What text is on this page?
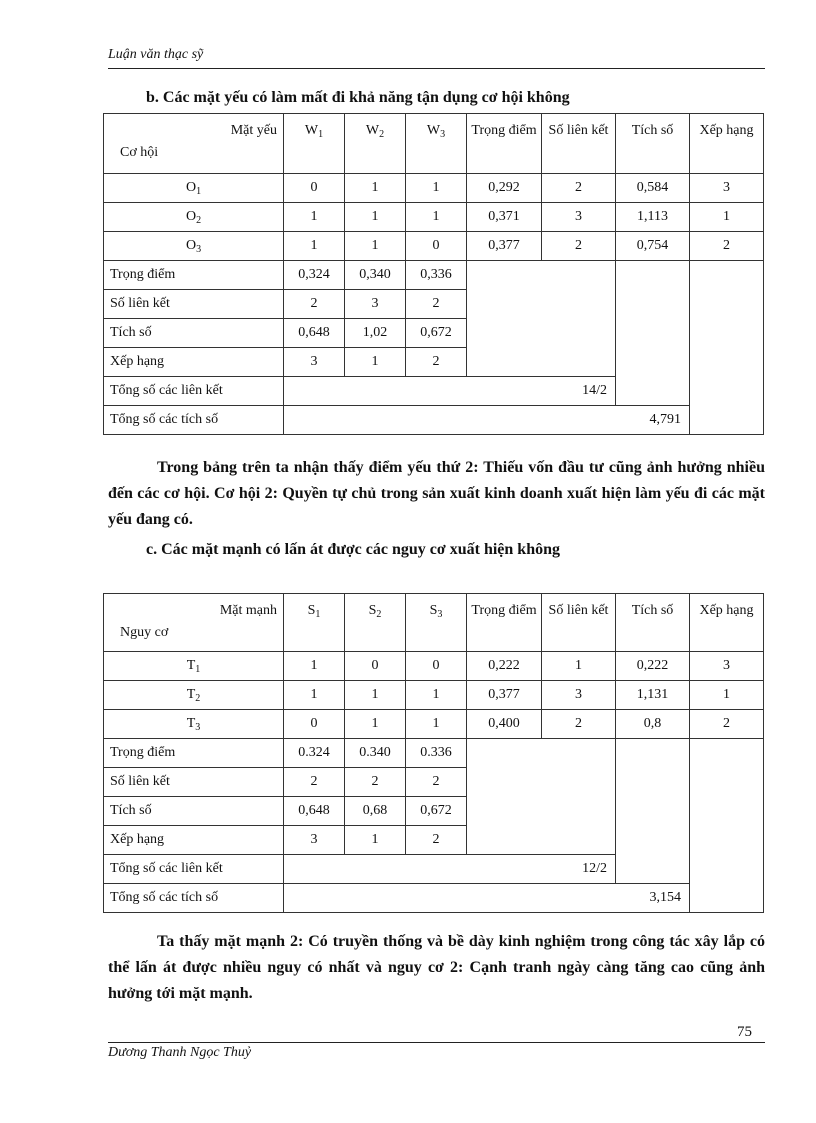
Luận văn thạc sỹ
b. Các mặt yếu có làm mất đi khả năng tận dụng cơ hội không
Mặt yếu
Cơ hội	$W_1$	$W_2$	$W_3$	Trọng điểm	Số liên kết	Tích số	Xếp hạng
$O_1$	0	1	1	0,292	2	0,584	3
$O_2$	1	1	1	0,371	3	1,113	1
$O_3$	1	1	0	0,377	2	0,754	2
Trọng điểm	0,324	0,340	0,336				
Số liên kết	2	3	2				
Tích số	0,648	1,02	0,672				
Xếp hạng	3	1	2				
Tổng số các liên kết	14/2						
Tổng số các tích số	4,791						
Trong bảng trên ta nhận thấy điểm yếu thứ 2: Thiếu vốn đầu tư cũng ảnh hưởng nhiều đến các cơ hội. Cơ hội 2: Quyền tự chủ trong sản xuất kinh doanh xuất hiện làm yếu đi các mặt yếu đang có.
c. Các mặt mạnh có lấn át được các nguy cơ xuất hiện không
Mặt mạnh
Nguy cơ	$S_1$	$S_2$	$S_3$	Trọng điểm	Số liên kết	Tích số	Xếp hạng
$T_1$	1	0	0	0,222	1	0,222	3
$T_2$	1	1	1	0,377	3	1,131	1
$T_3$	0	1	1	0,400	2	0,8	2
Trọng điểm	0.324	0.340	0.336				
Số liên kết	2	2	2				
Tích số	0,648	0,68	0,672				
Xếp hạng	3	1	2				
Tổng số các liên kết	12/2						
Tổng số các tích số	3,154						
Ta thấy mặt mạnh 2: Có truyền thống và bề dày kinh nghiệm trong công tác xây lắp có thể lấn át được nhiều nguy có nhất và nguy cơ 2: Cạnh tranh ngày càng tăng cao cũng ảnh hưởng tới mặt mạnh.
75
Dương Thanh Ngọc Thuỷ
